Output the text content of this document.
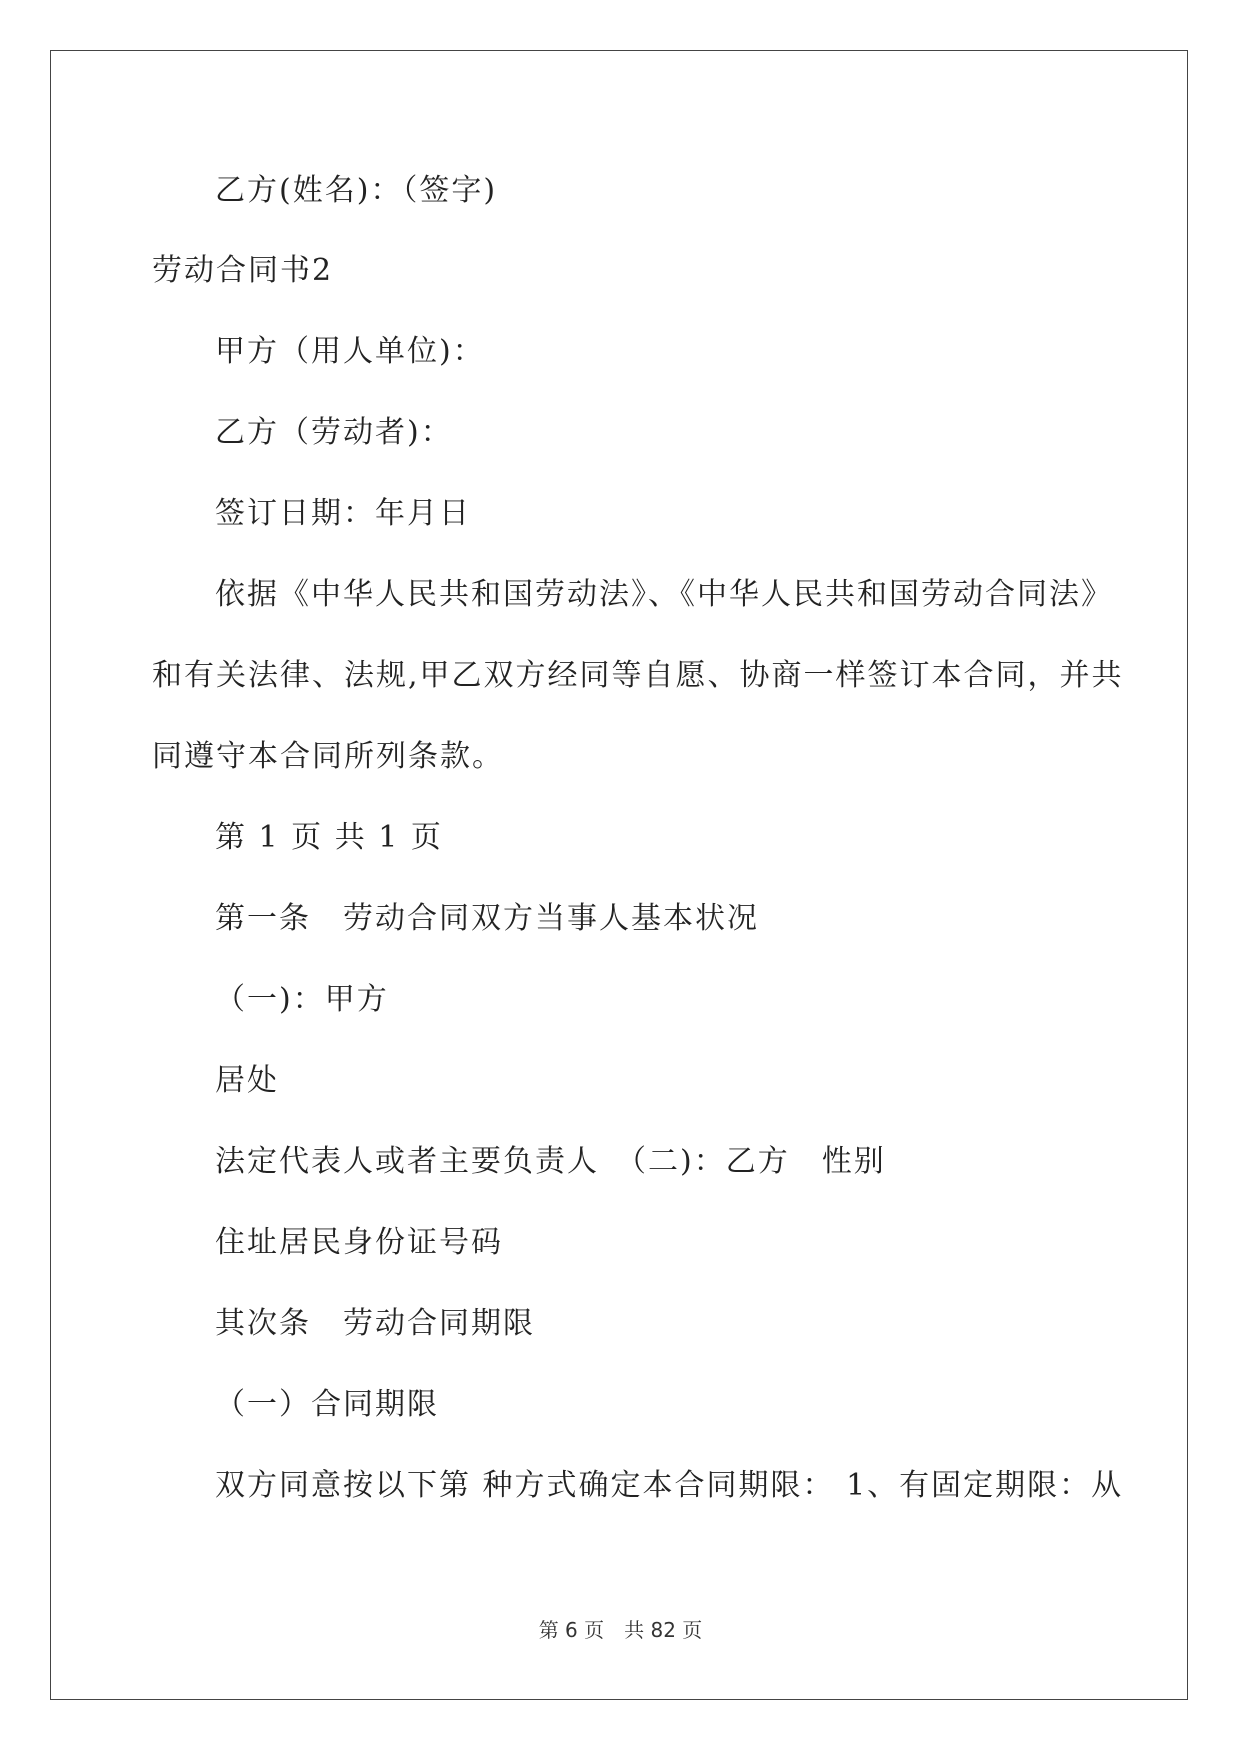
乙方(姓名)：（签字)
劳动合同书2
甲方（用人单位)：
乙方（劳动者)：
签订日期：年月日
依据《中华人民共和国劳动法》、《中华人民共和国劳动合同法》
和有关法律、法规,甲乙双方经同等自愿、协商一样签订本合同，并共
同遵守本合同所列条款。
第 1 页 共 1 页
第一条　劳动合同双方当事人基本状况
（一)：甲方
居处
法定代表人或者主要负责人　（二)：乙方　性别
住址居民身份证号码
其次条　劳动合同期限
（一）合同期限
双方同意按以下第 种方式确定本合同期限： 1、有固定期限：从
第 6 页　共 82 页
